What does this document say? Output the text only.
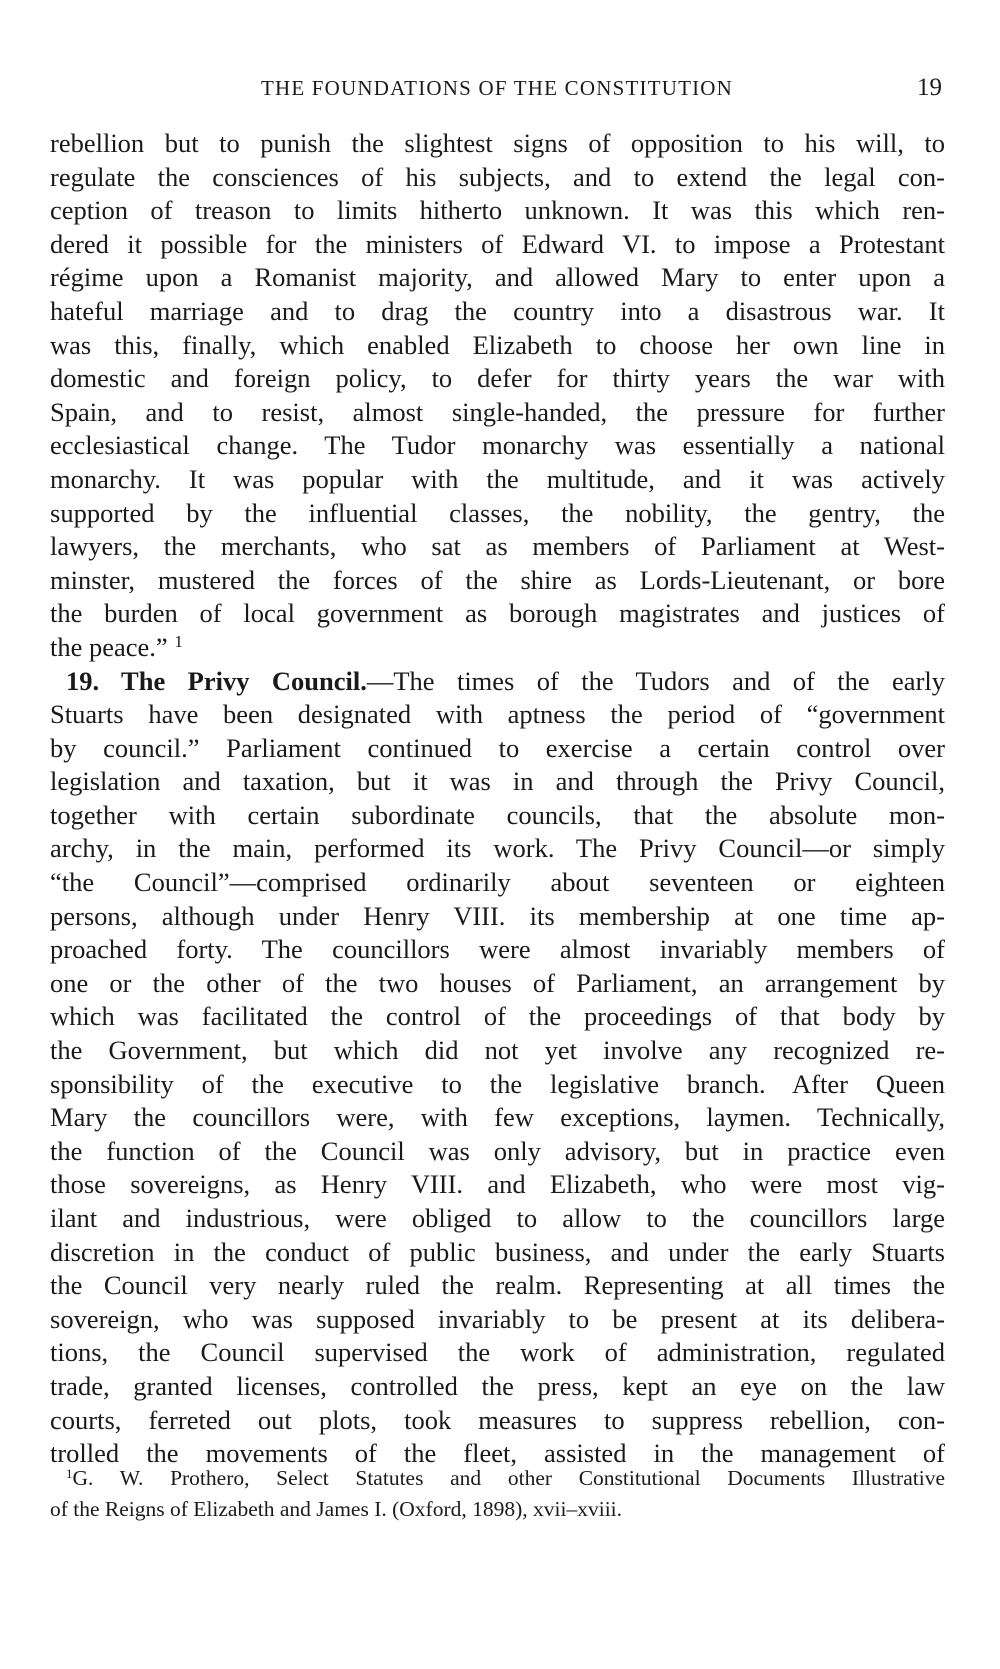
THE FOUNDATIONS OF THE CONSTITUTION	19
rebellion but to punish the slightest signs of opposition to his will, to
regulate the consciences of his subjects, and to extend the legal con-
ception of treason to limits hitherto unknown. It was this which ren-
dered it possible for the ministers of Edward VI. to impose a Protestant
régime upon a Romanist majority, and allowed Mary to enter upon a
hateful marriage and to drag the country into a disastrous war. It
was this, finally, which enabled Elizabeth to choose her own line in
domestic and foreign policy, to defer for thirty years the war with
Spain, and to resist, almost single-handed, the pressure for further
ecclesiastical change. The Tudor monarchy was essentially a national
monarchy. It was popular with the multitude, and it was actively
supported by the influential classes, the nobility, the gentry, the
lawyers, the merchants, who sat as members of Parliament at West-
minster, mustered the forces of the shire as Lords-Lieutenant, or bore
the burden of local government as borough magistrates and justices of
the peace.” $^1$
19. The Privy Council.—The times of the Tudors and of the early
Stuarts have been designated with aptness the period of “government
by council.” Parliament continued to exercise a certain control over
legislation and taxation, but it was in and through the Privy Council,
together with certain subordinate councils, that the absolute mon-
archy, in the main, performed its work. The Privy Council—or simply
“the Council”—comprised ordinarily about seventeen or eighteen
persons, although under Henry VIII. its membership at one time ap-
proached forty. The councillors were almost invariably members of
one or the other of the two houses of Parliament, an arrangement by
which was facilitated the control of the proceedings of that body by
the Government, but which did not yet involve any recognized re-
sponsibility of the executive to the legislative branch. After Queen
Mary the councillors were, with few exceptions, laymen. Technically,
the function of the Council was only advisory, but in practice even
those sovereigns, as Henry VIII. and Elizabeth, who were most vig-
ilant and industrious, were obliged to allow to the councillors large
discretion in the conduct of public business, and under the early Stuarts
the Council very nearly ruled the realm. Representing at all times the
sovereign, who was supposed invariably to be present at its delibera-
tions, the Council supervised the work of administration, regulated
trade, granted licenses, controlled the press, kept an eye on the law
courts, ferreted out plots, took measures to suppress rebellion, con-
trolled the movements of the fleet, assisted in the management of
$^1$G. W. Prothero, Select Statutes and other Constitutional Documents Illustrative
of the Reigns of Elizabeth and James I. (Oxford, 1898), xvii–xviii.
